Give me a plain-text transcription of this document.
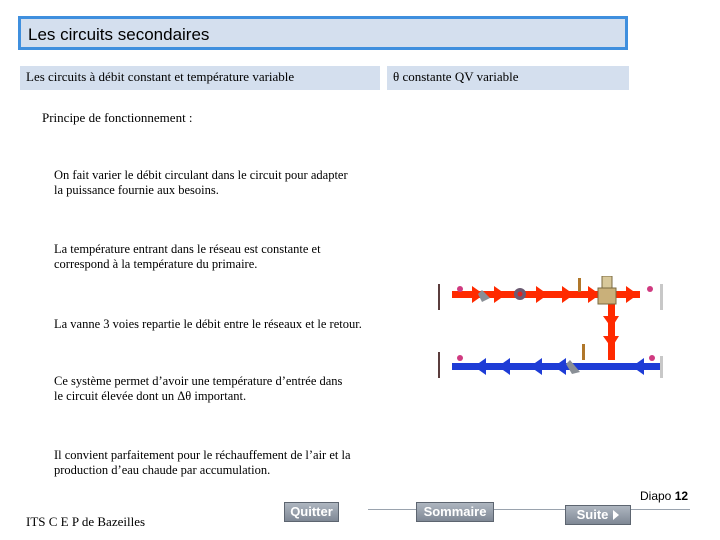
Les circuits secondaires
Les circuits à débit constant et température variable	θ constante QV variable
Principe de fonctionnement :
On fait varier le débit circulant dans le circuit pour adapter
la puissance fournie aux besoins.
La température entrant dans le réseau est constante et
correspond à la température du primaire.
La vanne 3 voies repartie le débit entre le réseaux et le retour.
Ce système permet d’avoir une température d’entrée dans
le circuit élevée dont un Δθ important.
Il convient parfaitement pour le réchauffement de l’air et la
production d’eau chaude par accumulation.
Diapo 12
ITS C E P de Bazeilles
Quitter	Sommaire	Suite
